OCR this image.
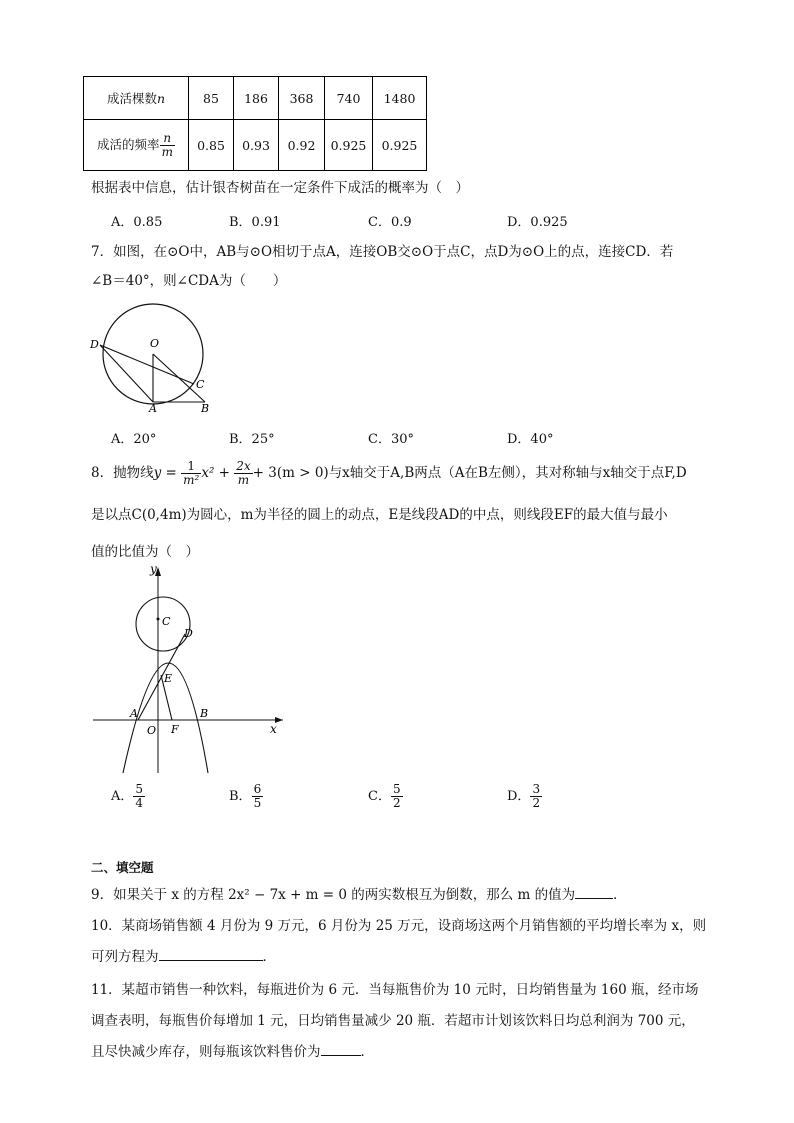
成活棵数n	85	186	368	740	1480
成活的频率 $\frac{n}{m}$	0.85	0.93	0.92	0.925	0.925
根据表中信息，估计银杏树苗在一定条件下成活的概率为（　）
A．0.85	B．0.91	C．0.9	D．0.925
7．如图，在⊙O中，AB与⊙O相切于点A，连接OB交⊙O于点C，点D为⊙O上的点，连接CD．若
∠B＝40°，则∠CDA为（　　）
D	O
C
A	B
A．20°	B．25°	C．30°	D．40°
8．抛物线$y = \frac{1}{\text{m²}} x^2 + \frac{2x}{m} + 3(m > 0)$与x轴交于A,B两点（A在B左侧），其对称轴与x轴交于点F,D
是以点C(0,4m)为圆心，m为半径的圆上的动点，E是线段AD的中点，则线段EF的最大值与最小
值的比值为（　）
y
x
C
D
E
A	B
O F
A． $\frac{5}{4}$	B． $\frac{6}{5}$	C． $\frac{5}{2}$	D． $\frac{3}{2}$
二、填空题
9．如果关于 x 的方程 2x² − 7x + m = 0 的两实数根互为倒数，那么 m 的值为	．
10．某商场销售额 4 月份为 9 万元，6 月份为 25 万元，设商场这两个月销售额的平均增长率为 x，则
可列方程为	．
11．某超市销售一种饮料，每瓶进价为 6 元．当每瓶售价为 10 元时，日均销售量为 160 瓶，经市场
调查表明，每瓶售价每增加 1 元，日均销售量减少 20 瓶．若超市计划该饮料日均总利润为 700 元，
且尽快减少库存，则每瓶该饮料售价为	．
